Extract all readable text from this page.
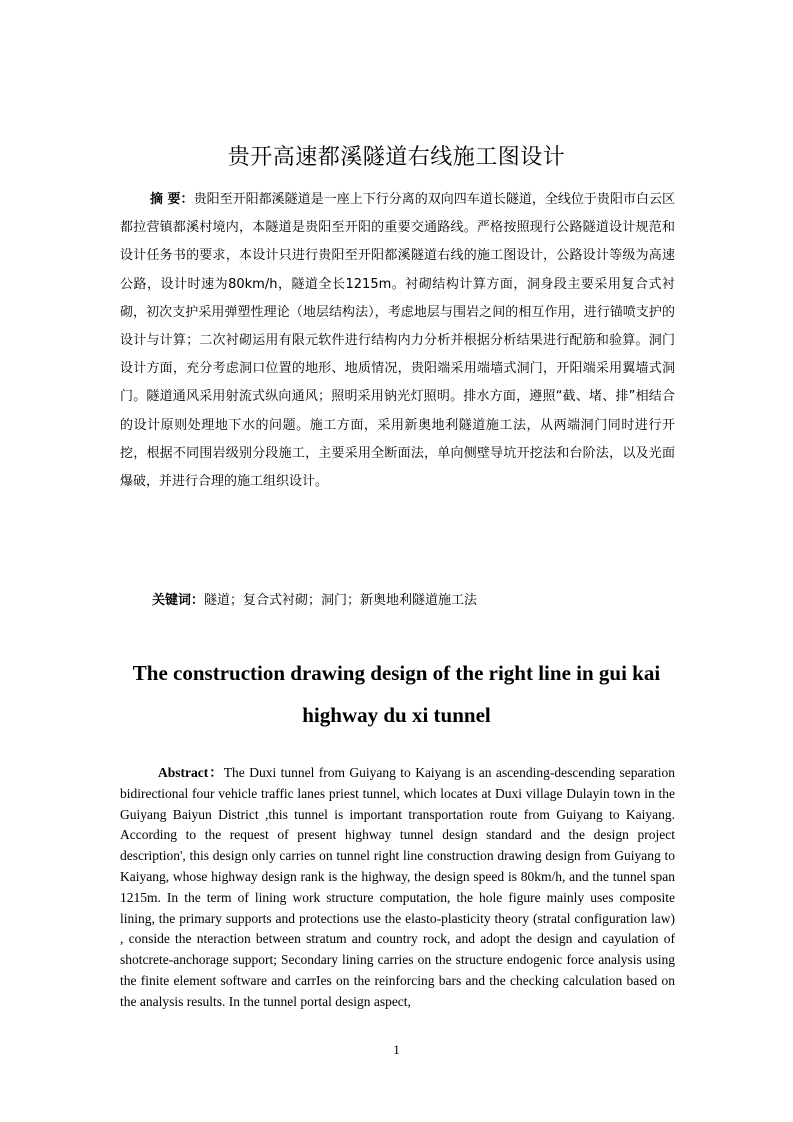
贵开高速都溪隧道右线施工图设计

摘 要：贵阳至开阳都溪隧道是一座上下行分离的双向四车道长隧道，全线位于贵阳市白云区都拉营镇都溪村境内，本隧道是贵阳至开阳的重要交通路线。严格按照现行公路隧道设计规范和设计任务书的要求，本设计只进行贵阳至开阳都溪隧道右线的施工图设计，公路设计等级为高速公路，设计时速为80km/h，隧道全长1215m。衬砌结构计算方面，洞身段主要采用复合式衬砌，初次支护采用弹塑性理论（地层结构法），考虑地层与围岩之间的相互作用，进行锚喷支护的设计与计算；二次衬砌运用有限元软件进行结构内力分析并根据分析结果进行配筋和验算。洞门设计方面，充分考虑洞口位置的地形、地质情况，贵阳端采用端墙式洞门，开阳端采用翼墙式洞门。隧道通风采用射流式纵向通风；照明采用钠光灯照明。排水方面，遵照“截、堵、排”相结合的设计原则处理地下水的问题。施工方面，采用新奥地利隧道施工法，从两端洞门同时进行开挖，根据不同围岩级别分段施工，主要采用全断面法，单向侧壁导坑开挖法和台阶法，以及光面爆破，并进行合理的施工组织设计。

关键词：隧道；复合式衬砌；洞门；新奥地利隧道施工法

The construction drawing design of the right line in gui kai highway du xi tunnel

Abstract：The Duxi tunnel from Guiyang to Kaiyang is an ascending-descending separation bidirectional four vehicle traffic lanes priest tunnel, which locates at Duxi village Dulayin town in the Guiyang Baiyun District ,this tunnel is important transportation route from Guiyang to Kaiyang. According to the request of present highway tunnel design standard and the design project description', this design only carries on tunnel right line construction drawing design from Guiyang to Kaiyang, whose highway design rank is the highway, the design speed is 80km/h, and the tunnel span 1215m. In the term of lining work structure computation, the hole figure mainly uses composite lining, the primary supports and protections use the elasto-plasticity theory (stratal configuration law) , conside the nteraction between stratum and country rock, and adopt the design and cayulation of shotcrete-anchorage support; Secondary lining carries on the structure endogenic force analysis using the finite element software and carrIes on the reinforcing bars and the checking calculation based on the analysis results. In the tunnel portal design aspect,

1
